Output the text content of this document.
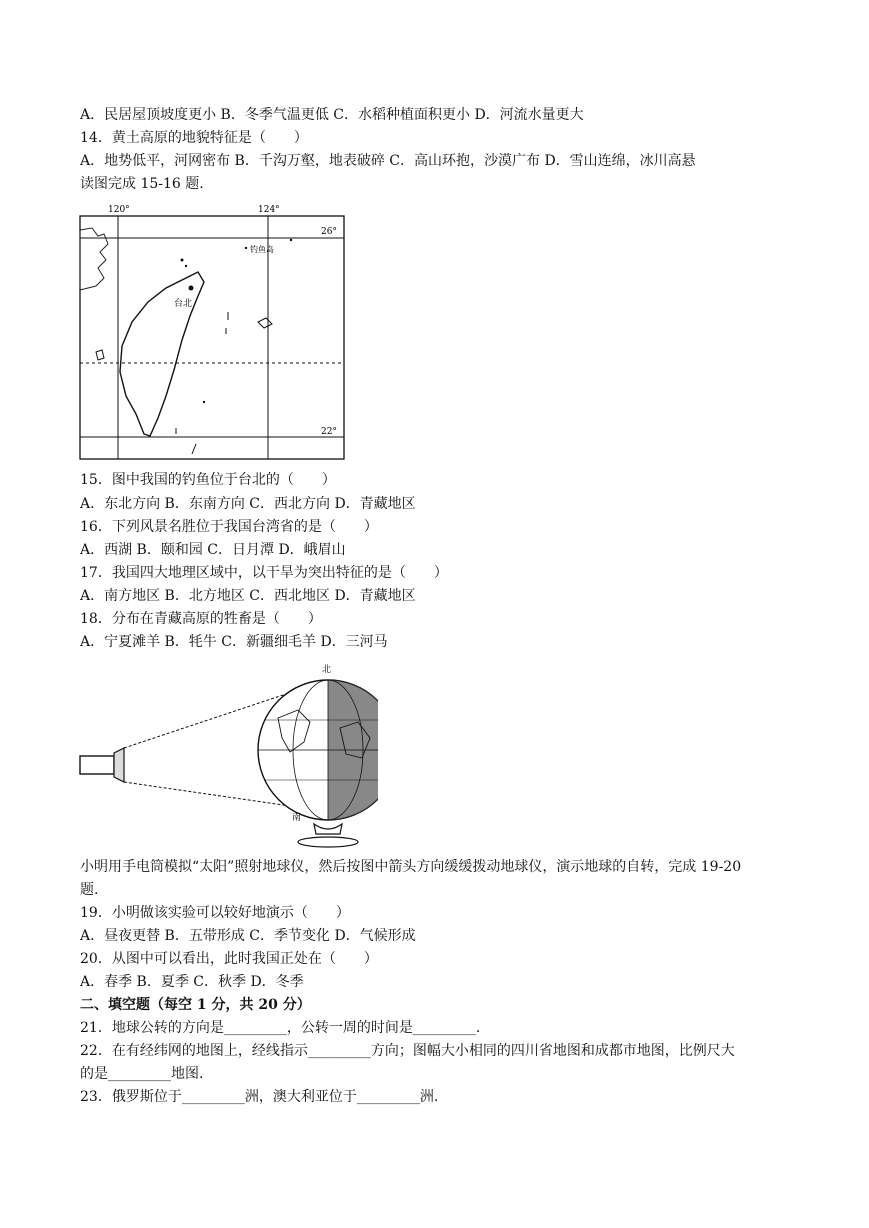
A．民居屋顶坡度更小 B．冬季气温更低 C．水稻种植面积更小 D．河流水量更大
14．黄土高原的地貌特征是（　　）
A．地势低平，河网密布 B．千沟万壑，地表破碎 C．高山环抱，沙漠广布 D．雪山连绵，冰川高悬
读图完成 15-16 题.
台北
120°	124°
26°
22°
钓鱼岛
15．图中我国的钓鱼位于台北的（　　）
A．东北方向 B．东南方向 C．西北方向 D．青藏地区
16．下列风景名胜位于我国台湾省的是（　　）
A．西湖 B．颐和园 C．日月潭 D．峨眉山
17．我国四大地理区域中，以干旱为突出特征的是（　　）
A．南方地区 B．北方地区 C．西北地区 D．青藏地区
18．分布在青藏高原的牲畜是（　　）
A．宁夏滩羊 B．牦牛 C．新疆细毛羊 D．三河马
北
南
小明用手电筒模拟“太阳”照射地球仪，然后按图中箭头方向缓缓拨动地球仪，演示地球的自转，完成 19-20
题.
19．小明做该实验可以较好地演示（　　）
A．昼夜更替 B．五带形成 C．季节变化 D．气候形成
20．从图中可以看出，此时我国正处在（　　）
A．春季 B．夏季 C．秋季 D．冬季
二、填空题（每空 1 分，共 20 分）
21．地球公转的方向是_________，公转一周的时间是_________.
22．在有经纬网的地图上，经线指示_________方向；图幅大小相同的四川省地图和成都市地图，比例尺大
的是_________地图.
23．俄罗斯位于_________洲，澳大利亚位于_________洲.
